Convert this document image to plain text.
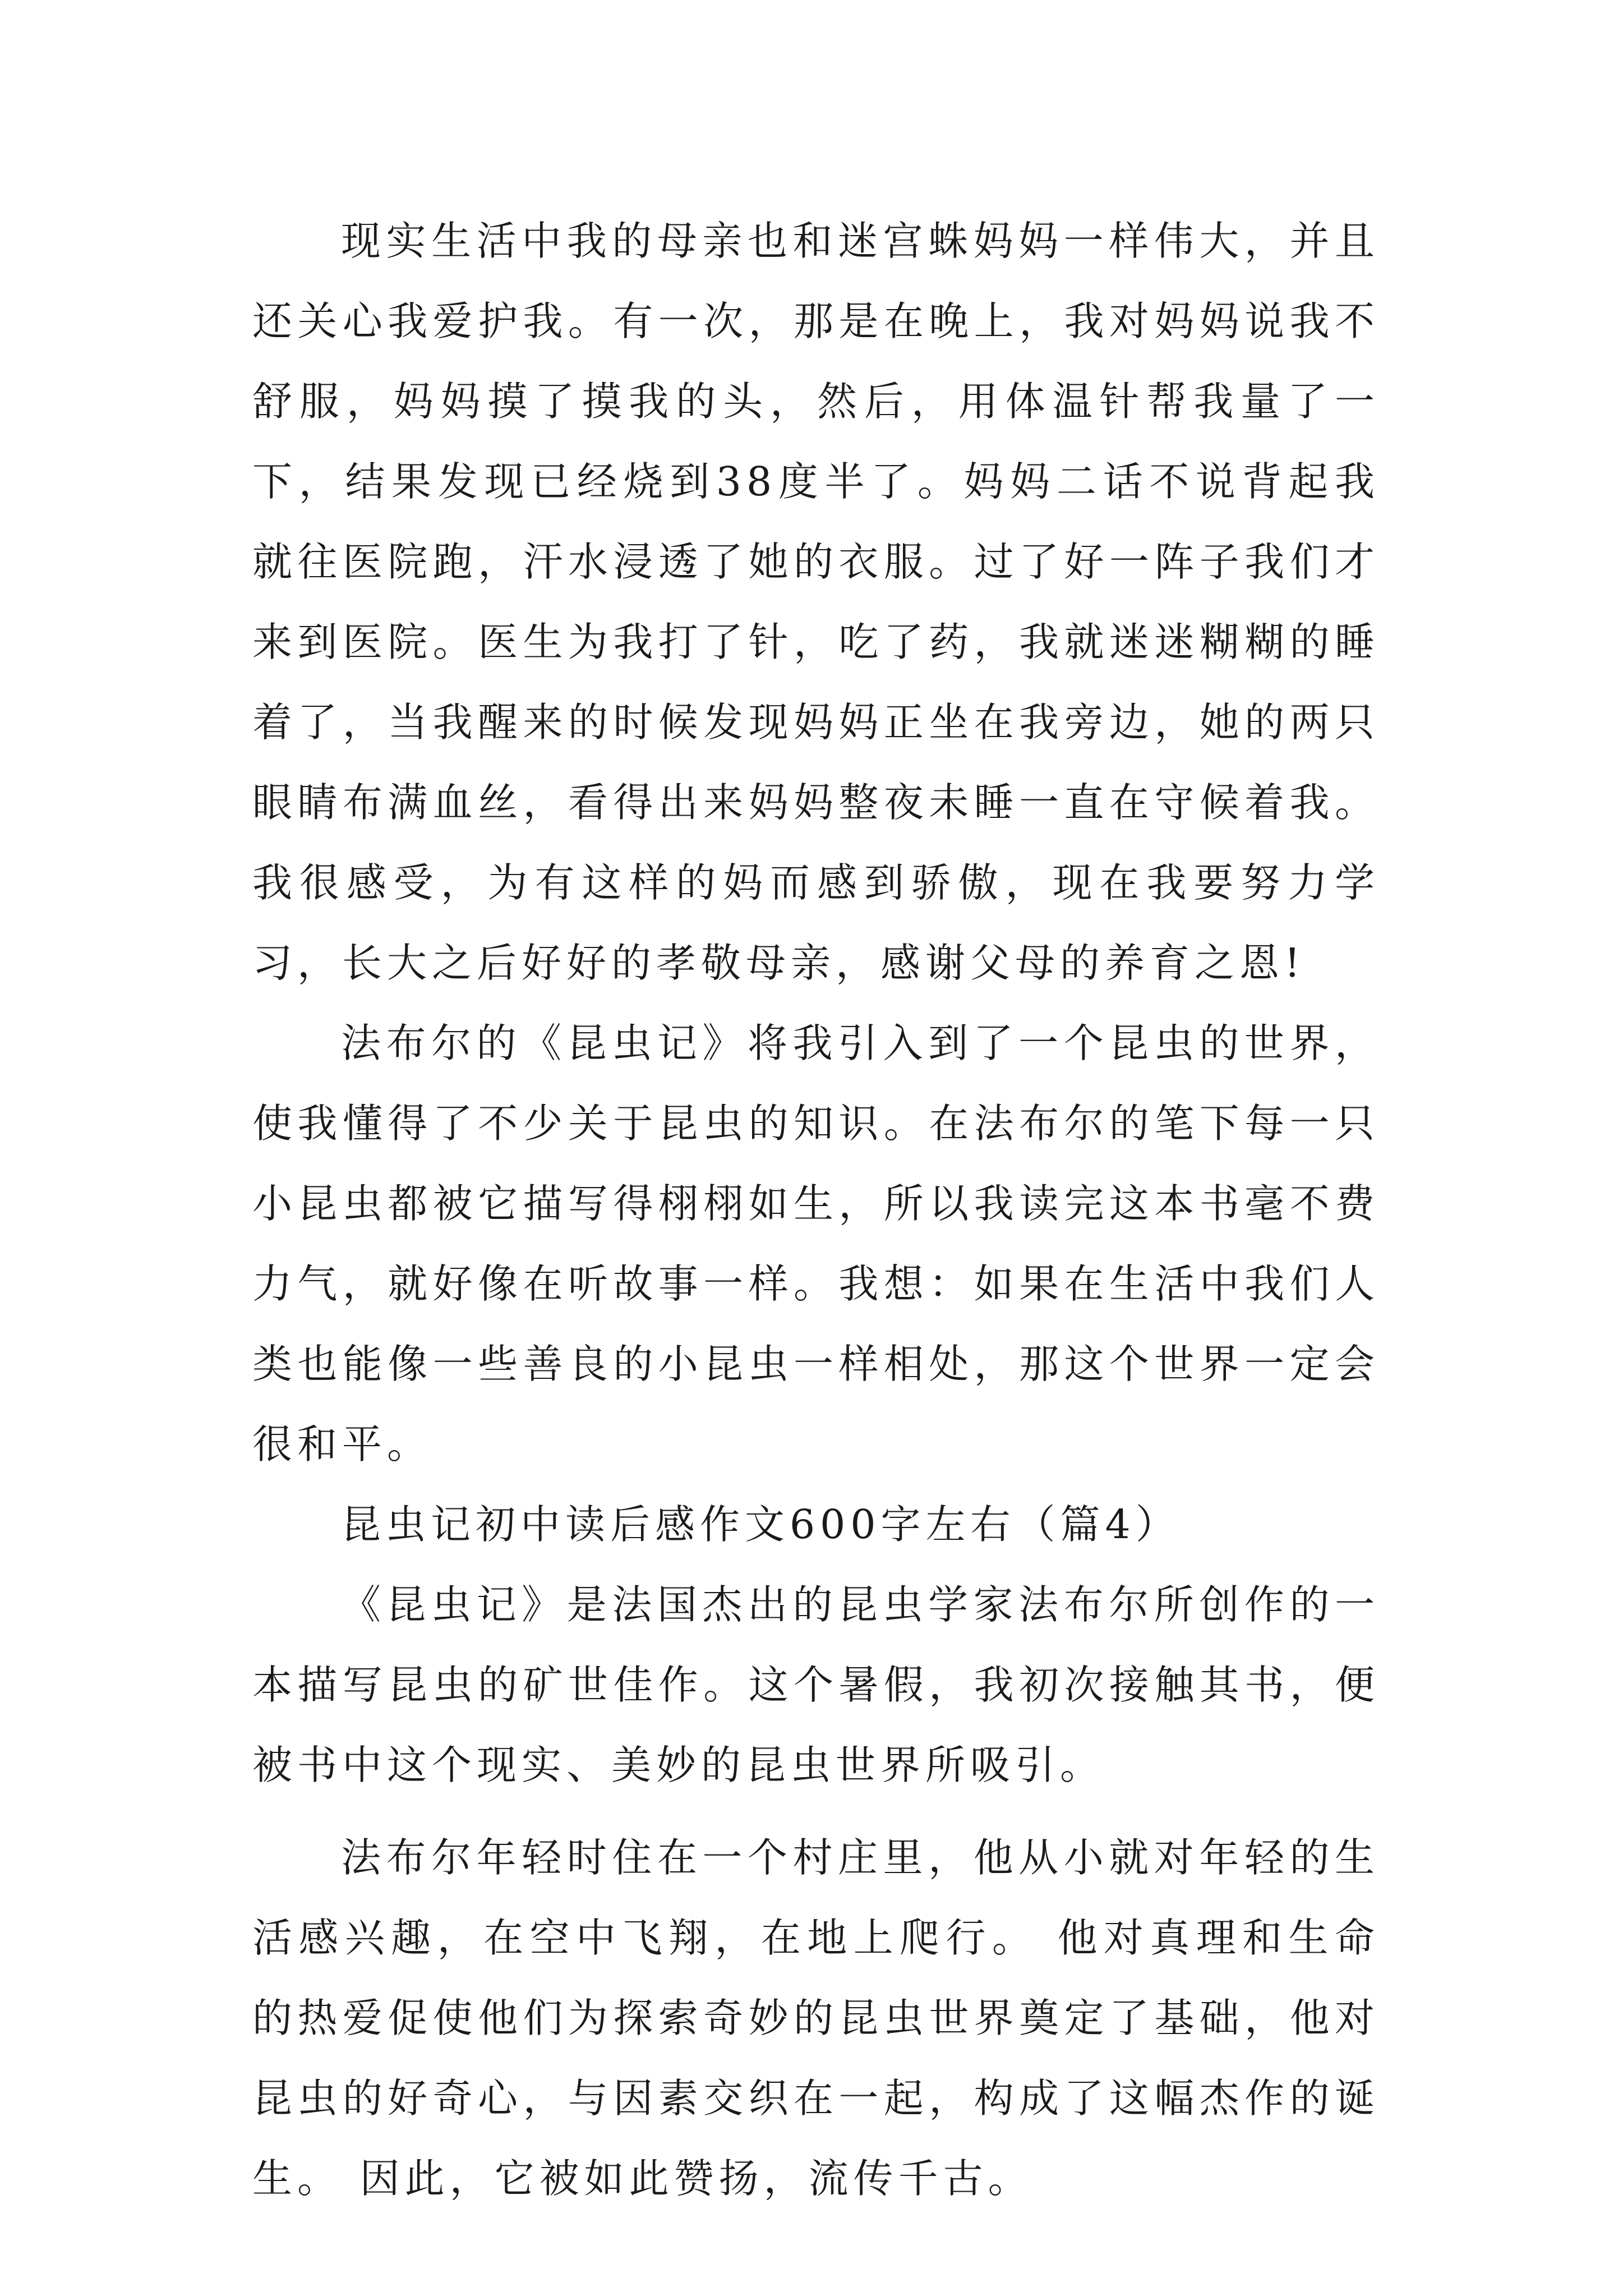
现实生活中我的母亲也和迷宫蛛妈妈一样伟大，并且还关心我爱护我。有一次，那是在晚上，我对妈妈说我不舒服，妈妈摸了摸我的头，然后，用体温针帮我量了一下，结果发现已经烧到38度半了。妈妈二话不说背起我就往医院跑，汗水浸透了她的衣服。过了好一阵子我们才来到医院。医生为我打了针，吃了药，我就迷迷糊糊的睡着了，当我醒来的时候发现妈妈正坐在我旁边，她的两只眼睛布满血丝，看得出来妈妈整夜未睡一直在守候着我。我很感受，为有这样的妈而感到骄傲，现在我要努力学习，长大之后好好的孝敬母亲，感谢父母的养育之恩!

法布尔的《昆虫记》将我引入到了一个昆虫的世界，使我懂得了不少关于昆虫的知识。在法布尔的笔下每一只小昆虫都被它描写得栩栩如生，所以我读完这本书毫不费力气，就好像在听故事一样。我想：如果在生活中我们人类也能像一些善良的小昆虫一样相处，那这个世界一定会很和平。

昆虫记初中读后感作文600字左右（篇4）

《昆虫记》是法国杰出的昆虫学家法布尔所创作的一本描写昆虫的矿世佳作。这个暑假，我初次接触其书，便被书中这个现实、美妙的昆虫世界所吸引。

法布尔年轻时住在一个村庄里，他从小就对年轻的生活感兴趣，在空中飞翔，在地上爬行。 他对真理和生命的热爱促使他们为探索奇妙的昆虫世界奠定了基础，他对昆虫的好奇心，与因素交织在一起，构成了这幅杰作的诞生。 因此，它被如此赞扬，流传千古。
